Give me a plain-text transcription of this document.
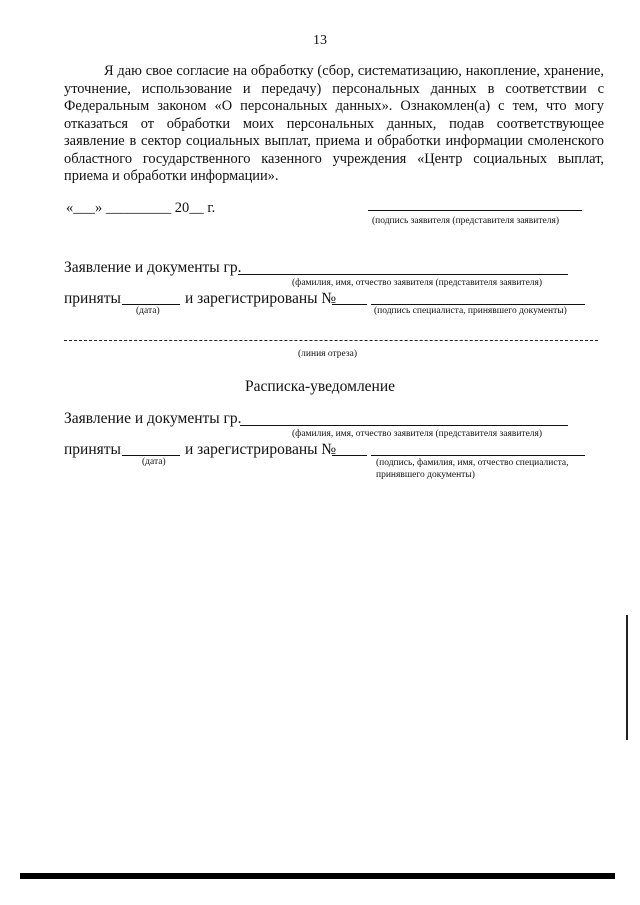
13

Я даю свое согласие на обработку (сбор, систематизацию, накопление, хранение, уточнение, использование и передачу) персональных данных в соответствии с Федеральным законом «О персональных данных». Ознакомлен(а) с тем, что могу отказаться от обработки моих персональных данных, подав соответствующее заявление в сектор социальных выплат, приема и обработки информации смоленского областного государственного казенного учреждения «Центр социальных выплат, приема и обработки информации».

«___» _________ 20__ г.
(подпись заявителя (представителя заявителя)
Заявление и документы гр.
(фамилия, имя, отчество заявителя (представителя заявителя)
приняты	и зарегистрированы №
(дата)	(подпись специалиста, принявшего документы)
(линия отреза)
Расписка-уведомление
Заявление и документы гр.
(фамилия, имя, отчество заявителя (представителя заявителя)
приняты	и зарегистрированы №
(дата)	(подпись, фамилия, имя, отчество специалиста,
принявшего документы)
